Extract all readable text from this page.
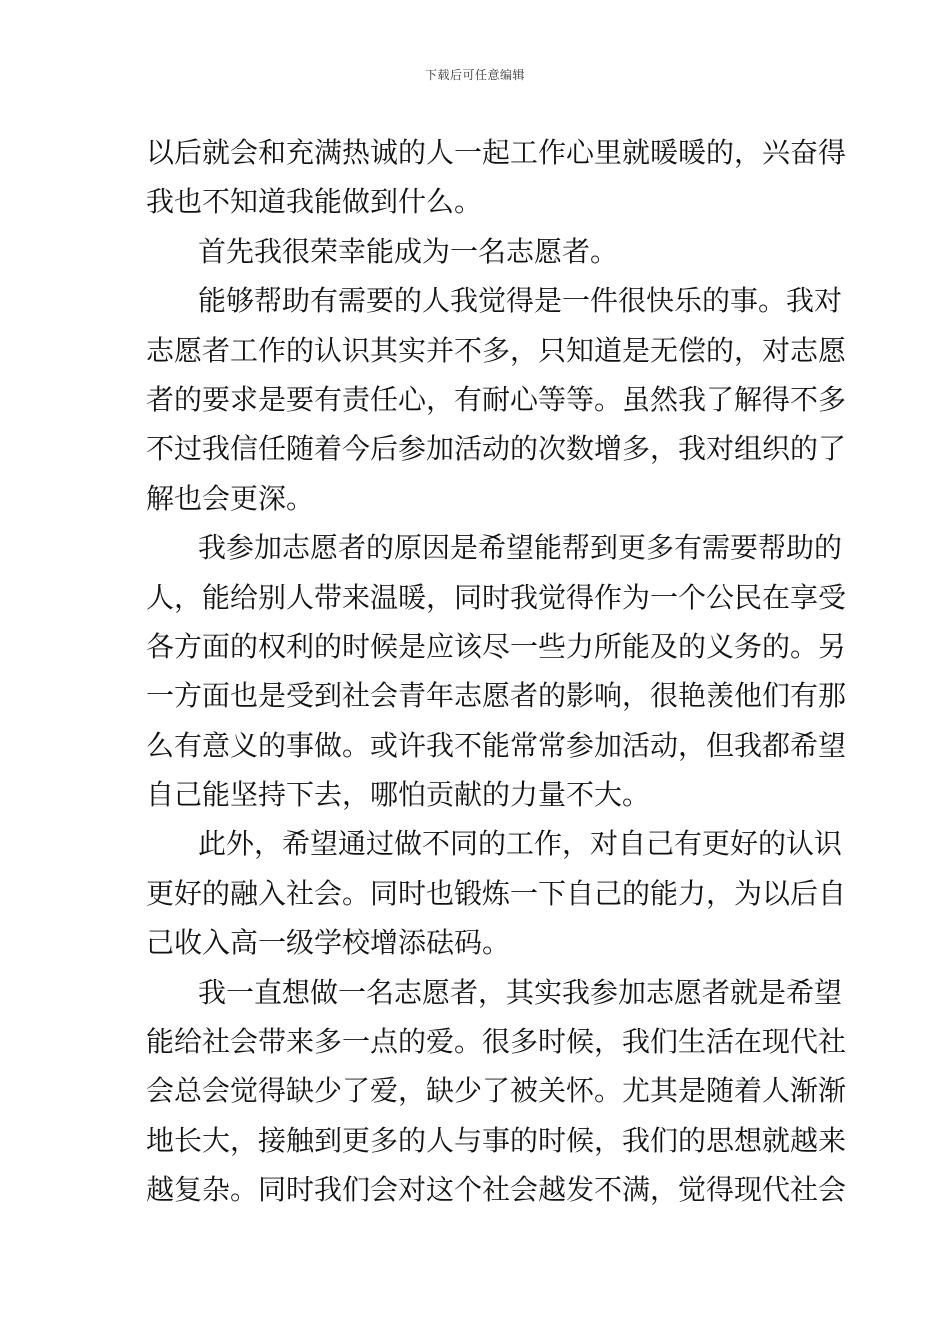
下载后可任意编辑
以后就会和充满热诚的人一起工作心里就暖暖的，兴奋得
我也不知道我能做到什么。
首先我很荣幸能成为一名志愿者。
能够帮助有需要的人我觉得是一件很快乐的事。我对
志愿者工作的认识其实并不多，只知道是无偿的，对志愿
者的要求是要有责任心，有耐心等等。虽然我了解得不多
不过我信任随着今后参加活动的次数增多，我对组织的了
解也会更深。
我参加志愿者的原因是希望能帮到更多有需要帮助的
人，能给别人带来温暖，同时我觉得作为一个公民在享受
各方面的权利的时候是应该尽一些力所能及的义务的。另
一方面也是受到社会青年志愿者的影响，很艳羡他们有那
么有意义的事做。或许我不能常常参加活动，但我都希望
自己能坚持下去，哪怕贡献的力量不大。
此外，希望通过做不同的工作，对自己有更好的认识
更好的融入社会。同时也锻炼一下自己的能力，为以后自
己收入高一级学校增添砝码。
我一直想做一名志愿者，其实我参加志愿者就是希望
能给社会带来多一点的爱。很多时候，我们生活在现代社
会总会觉得缺少了爱，缺少了被关怀。尤其是随着人渐渐
地长大，接触到更多的人与事的时候，我们的思想就越来
越复杂。同时我们会对这个社会越发不满，觉得现代社会
